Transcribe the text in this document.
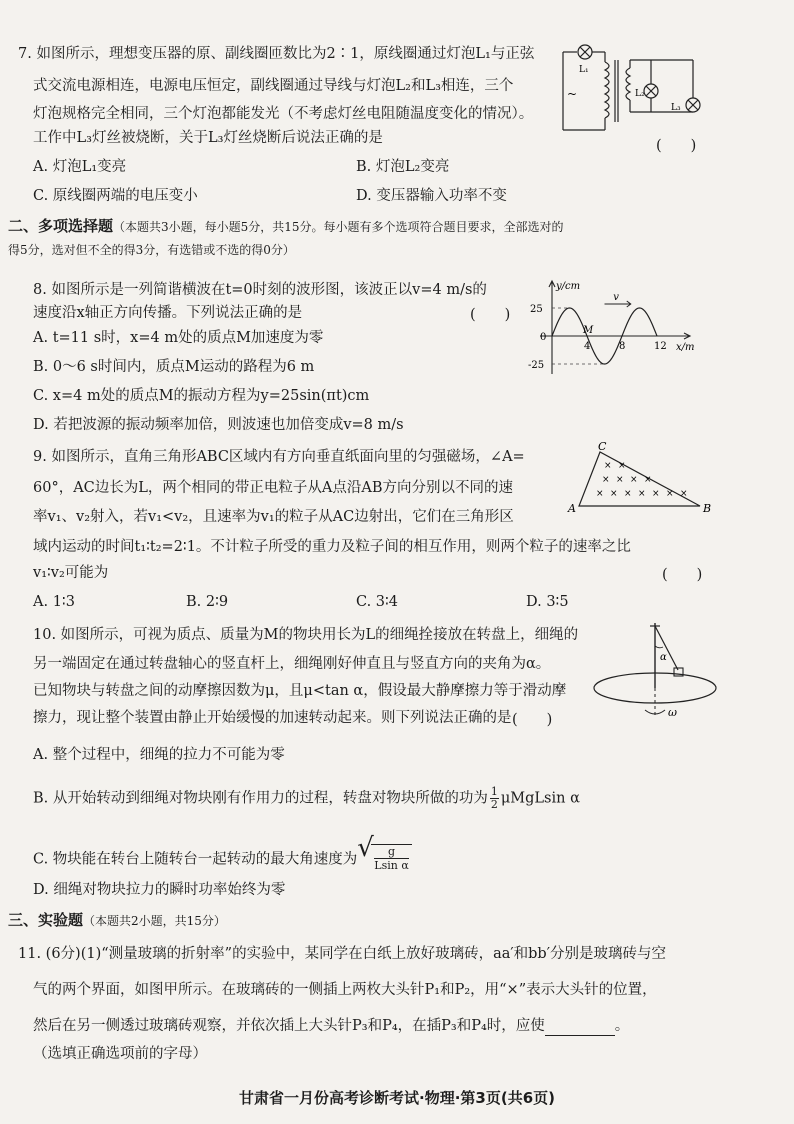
7. 如图所示，理想变压器的原、副线圈匝数比为2∶1，原线圈通过灯泡L₁与正弦
式交流电源相连，电源电压恒定，副线圈通过导线与灯泡L₂和L₃相连，三个
灯泡规格完全相同，三个灯泡都能发光（不考虑灯丝电阻随温度变化的情况）。
工作中L₃灯丝被烧断，关于L₃灯丝烧断后说法正确的是	(　　)
A. 灯泡L₁变亮	B. 灯泡L₂变亮
C. 原线圈两端的电压变小	D. 变压器输入功率不变
L₁
L₂
L₃
~
二、多项选择题（本题共3小题，每小题5分，共15分。每小题有多个选项符合题目要求，全部选对的
得5分，选对但不全的得3分，有选错或不选的得0分）
8. 如图所示是一列简谐横波在t=0时刻的波形图，该波正以v=4 m/s的
速度沿x轴正方向传播。下列说法正确的是	(　　)
A. t=11 s时，x=4 m处的质点M加速度为零
B. 0～6 s时间内，质点M运动的路程为6 m
C. x=4 m处的质点M的振动方程为y=25sin(πt)cm
D. 若把波源的振动频率加倍，则波速也加倍变成v=8 m/s
4	8	12
25
0
-25
y/cm
x/m
M
v
9. 如图所示，直角三角形ABC区域内有方向垂直纸面向里的匀强磁场，∠A=
60°，AC边长为L，两个相同的带正电粒子从A点沿AB方向分别以不同的速
率v₁、v₂射入，若v₁<v₂，且速率为v₁的粒子从AC边射出，它们在三角形区
域内运动的时间t₁∶t₂=2∶1。不计粒子所受的重力及粒子间的相互作用，则两个粒子的速率之比
v₁∶v₂可能为	(　　)
A. 1∶3	B. 2∶9	C. 3∶4	D. 3∶5
A	B
C
× ×
× × × ×
× × × × × × ×
10. 如图所示，可视为质点、质量为M的物块用长为L的细绳拴接放在转盘上，细绳的
另一端固定在通过转盘轴心的竖直杆上，细绳刚好伸直且与竖直方向的夹角为α。
已知物块与转盘之间的动摩擦因数为μ，且μ<tan α，假设最大静摩擦力等于滑动摩
擦力，现让整个装置由静止开始缓慢的加速转动起来。则下列说法正确的是 (　　)
A. 整个过程中，细绳的拉力不可能为零
B. 从开始转动到细绳对物块刚有作用力的过程，转盘对物块所做的功为 $\frac{1}{2}$ μMgLsin α
C. 物块能在转台上随转台一起转动的最大角速度为 √
$\frac{g}{\text{Lsin α}}$
D. 细绳对物块拉力的瞬时功率始终为零
α
ω
三、实验题（本题共2小题，共15分）
11. (6分)(1)“测量玻璃的折射率”的实验中，某同学在白纸上放好玻璃砖，aa′和bb′分别是玻璃砖与空
气的两个界面，如图甲所示。在玻璃砖的一侧插上两枚大头针P₁和P₂，用“×”表示大头针的位置，
然后在另一侧透过玻璃砖观察，并依次插上大头针P₃和P₄，在插P₃和P₄时，应使	。
（选填正确选项前的字母）
甘肃省一月份高考诊断考试·物理·第3页(共6页)
